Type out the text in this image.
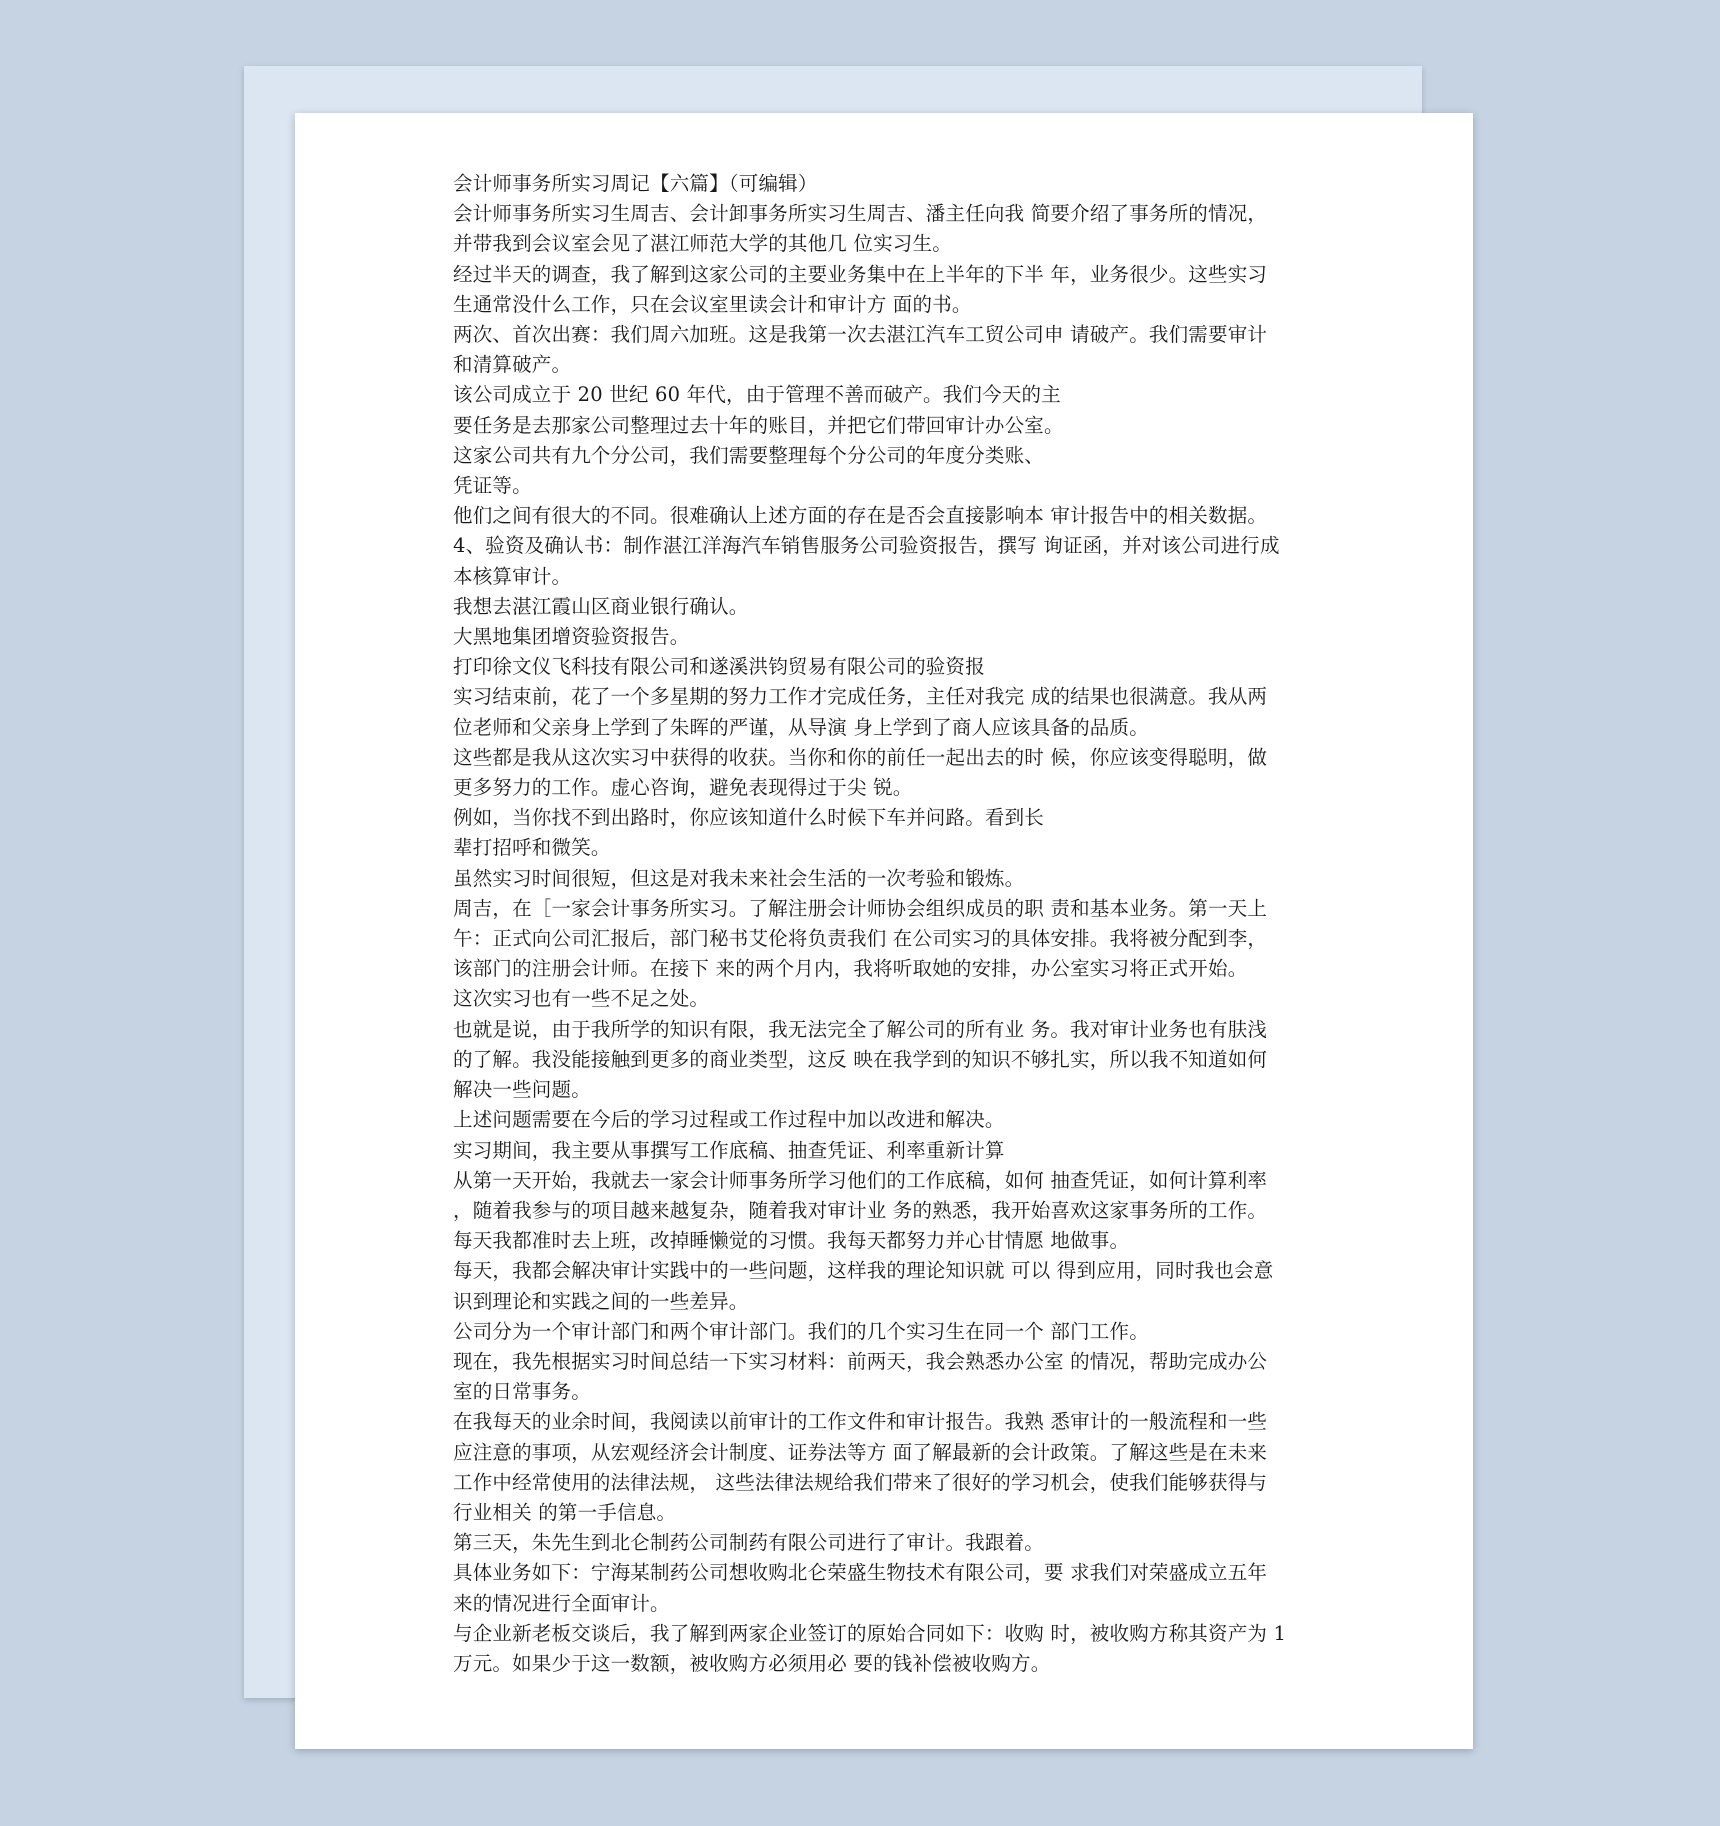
会计师事务所实习周记【六篇】（可编辑）

会计师事务所实习生周吉、会计卸事务所实习生周吉、潘主任向我 简要介绍了事务所的情况，

并带我到会议室会见了湛江师范大学的其他几 位实习生。

经过半天的调查，我了解到这家公司的主要业务集中在上半年的下半 年，业务很少。这些实习

生通常没什么工作，只在会议室里读会计和审计方 面的书。

两次、首次出赛：我们周六加班。这是我第一次去湛江汽车工贸公司申 请破产。我们需要审计

和清算破产。

该公司成立于 20 世纪 60 年代，由于管理不善而破产。我们今天的主

要任务是去那家公司整理过去十年的账目，并把它们带回审计办公室。

这家公司共有九个分公司，我们需要整理每个分公司的年度分类账、

凭证等。

他们之间有很大的不同。很难确认上述方面的存在是否会直接影响本 审计报告中的相关数据。

4、验资及确认书：制作湛江洋海汽车销售服务公司验资报告，撰写 询证函，并对该公司进行成

本核算审计。

我想去湛江霞山区商业银行确认。

大黑地集团增资验资报告。

打印徐文仪飞科技有限公司和遂溪洪钧贸易有限公司的验资报

实习结束前，花了一个多星期的努力工作才完成任务，主任对我完 成的结果也很满意。我从两

位老师和父亲身上学到了朱晖的严谨，从导演 身上学到了商人应该具备的品质。

这些都是我从这次实习中获得的收获。当你和你的前任一起出去的时 候，你应该变得聪明，做

更多努力的工作。虚心咨询，避免表现得过于尖 锐。

例如，当你找不到出路时，你应该知道什么时候下车并问路。看到长

辈打招呼和微笑。

虽然实习时间很短，但这是对我未来社会生活的一次考验和锻炼。

周吉，在［一家会计事务所实习。了解注册会计师协会组织成员的职 责和基本业务。第一天上

午：正式向公司汇报后，部门秘书艾伦将负责我们 在公司实习的具体安排。我将被分配到李，

该部门的注册会计师。在接下 来的两个月内，我将听取她的安排，办公室实习将正式开始。

这次实习也有一些不足之处。

也就是说，由于我所学的知识有限，我无法完全了解公司的所有业 务。我对审计业务也有肤浅

的了解。我没能接触到更多的商业类型，这反 映在我学到的知识不够扎实，所以我不知道如何

解决一些问题。

上述问题需要在今后的学习过程或工作过程中加以改进和解决。

实习期间，我主要从事撰写工作底稿、抽查凭证、利率重新计算

从第一天开始，我就去一家会计师事务所学习他们的工作底稿，如何 抽查凭证，如何计算利率

，随着我参与的项目越来越复杂，随着我对审计业 务的熟悉，我开始喜欢这家事务所的工作。

每天我都准时去上班，改掉睡懒觉的习惯。我每天都努力并心甘情愿 地做事。

每天，我都会解决审计实践中的一些问题，这样我的理论知识就 可以 得到应用，同时我也会意

识到理论和实践之间的一些差异。

公司分为一个审计部门和两个审计部门。我们的几个实习生在同一个 部门工作。

现在，我先根据实习时间总结一下实习材料：前两天，我会熟悉办公室 的情况，帮助完成办公

室的日常事务。

在我每天的业余时间，我阅读以前审计的工作文件和审计报告。我熟 悉审计的一般流程和一些

应注意的事项，从宏观经济会计制度、证券法等方 面了解最新的会计政策。了解这些是在未来

工作中经常使用的法律法规， 这些法律法规给我们带来了很好的学习机会，使我们能够获得与

行业相关 的第一手信息。

第三天，朱先生到北仑制药公司制药有限公司进行了审计。我跟着。

具体业务如下：宁海某制药公司想收购北仑荣盛生物技术有限公司，要 求我们对荣盛成立五年

来的情况进行全面审计。

与企业新老板交谈后，我了解到两家企业签订的原始合同如下：收购 时，被收购方称其资产为 1

万元。如果少于这一数额，被收购方必须用必 要的钱补偿被收购方。
